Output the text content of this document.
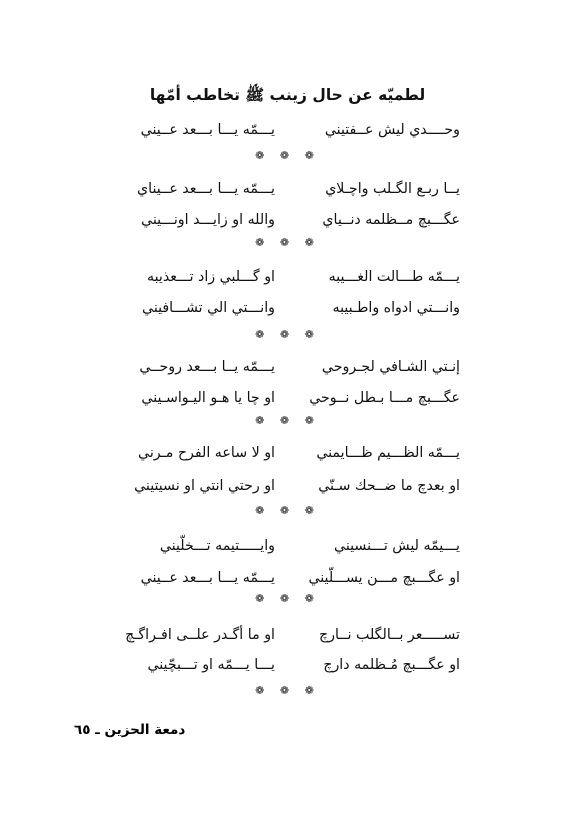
لطميّه عن حال زينب ﷺ تخاطب أمّها
وحــــدي ليش عــفتيني
يـــمّه يـــا بـــعد عــيني
❁ ❁ ❁
يــا ربـع الگـلب واچـلاي
يـــمّه يـــا بـــعد عــيناي
عگـــبچ مــظلمه دنــياي
والله او زايـــد اونـــيني
❁ ❁ ❁
يـــمّه طـــالت الغـــيبه
او گـــلبي زاد تـــعذيبه
وانـــتي ادواه واطـبيبه
وانـــتي الي تشـــافيني
❁ ❁ ❁
إنـتي الشـافي لجـروحي
يـــمّه يــا بـــعد روحــي
عگـــبچ مـــا بـطل نــوحي
او چا يا هـو اليـواسـيني
❁ ❁ ❁
يـــمّه الظـــيم ظـــايمني
او لا ساعه الفرح مـرني
او بعدچ ما ضــحك سـنّي
او رحتي انتي او نسيتيني
❁ ❁ ❁
يـــيمّه ليش تـــنسيني
وايـــــتيمه تـــخلّيني
او عگـــبچ مـــن يســـلّيني
يـــمّه يـــا بـــعد عــيني
❁ ❁ ❁
تســـــعر بــالگلب نــارچ
او ما أگـدر علــى افـراگـچ
او عگـــبچ مُـظلمه دارچ
يـــا يـــمّه او تـــبچّيني
❁ ❁ ❁
دمعة الحزين ـ ٦٥
